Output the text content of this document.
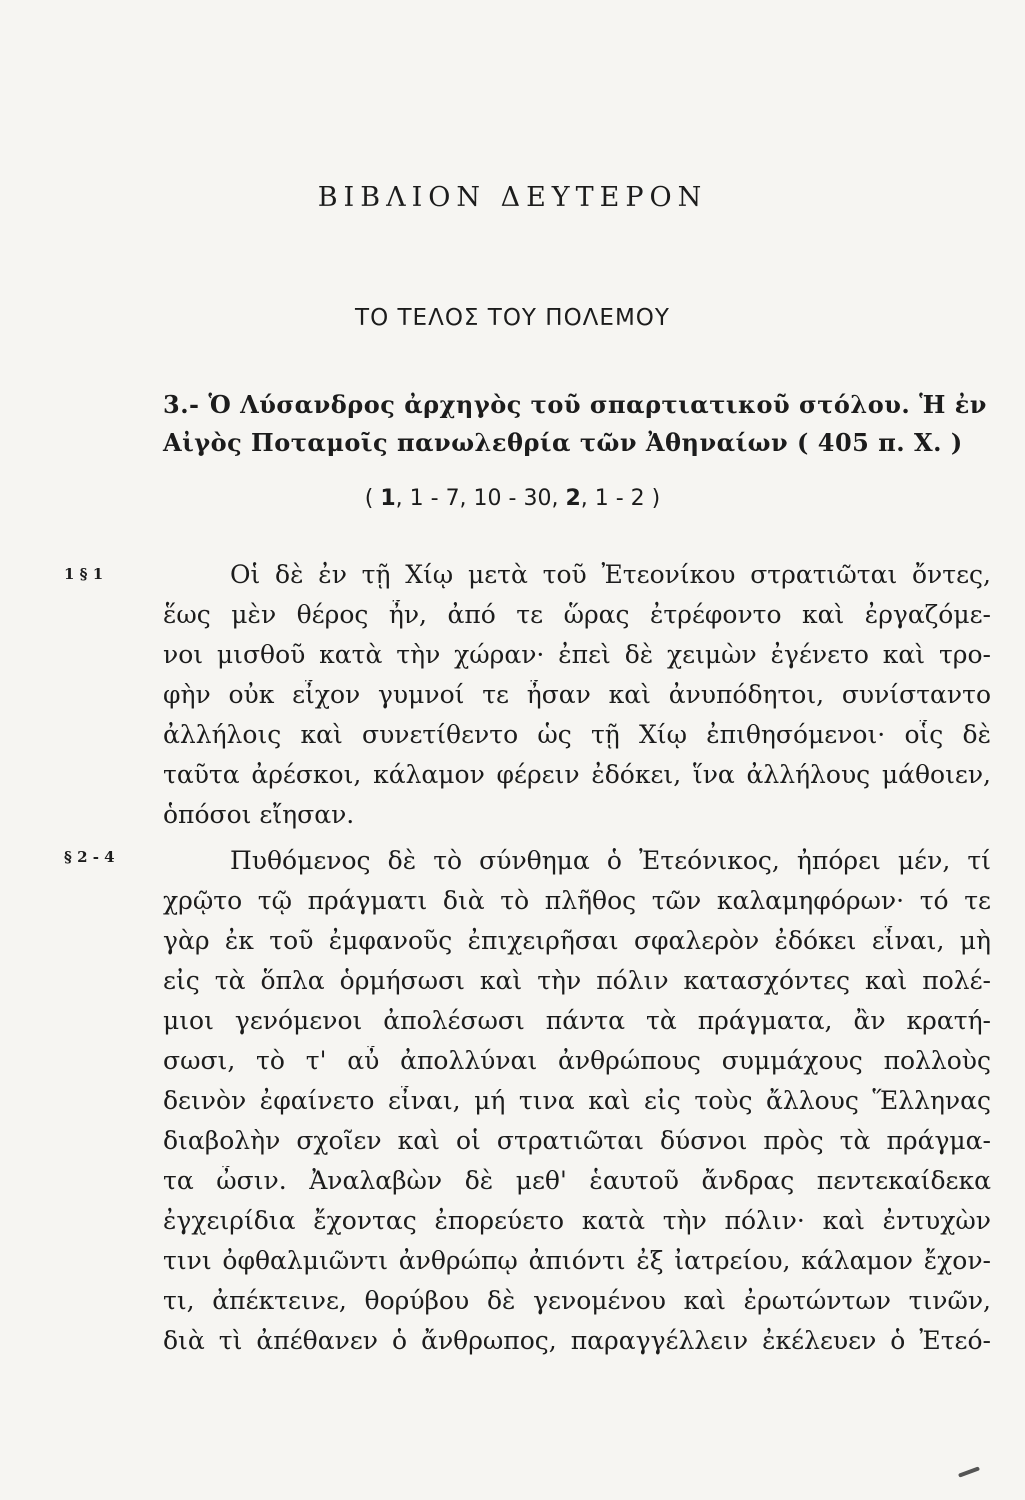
ΒΙΒΛΙΟΝ ΔΕΥΤΕΡΟΝ
ΤΟ ΤΕΛΟΣ ΤΟΥ ΠΟΛΕΜΟΥ
3.- Ὁ Λύσανδρος ἀρχηγὸς τοῦ σπαρτιατικοῦ στόλου. Ἡ ἐν
Αἰγὸς Ποταμοῖς πανωλεθρία τῶν Ἀθηναίων ( 405 π. Χ. )
( 1, 1 - 7, 10 - 30, 2, 1 - 2 )
1 § 1
§ 2 - 4
Οἱ δὲ ἐν τῇ Χίῳ μετὰ τοῦ Ἐτεονίκου στρατιῶται ὄντες,
ἕως μὲν θέρος ἦν, ἀπό τε ὥρας ἐτρέφοντο καὶ ἐργαζόμε-
νοι μισθοῦ κατὰ τὴν χώραν· ἐπεὶ δὲ χειμὼν ἐγένετο καὶ τρο-
φὴν οὐκ εἶχον γυμνοί τε ἦσαν καὶ ἀνυπόδητοι, συνίσταντο
ἀλλήλοις καὶ συνετίθεντο ὡς τῇ Χίῳ ἐπιθησόμενοι· οἷς δὲ
ταῦτα ἀρέσκοι, κάλαμον φέρειν ἐδόκει, ἵνα ἀλλήλους μάθοιεν,
ὁπόσοι εἴησαν.
Πυθόμενος δὲ τὸ σύνθημα ὁ Ἐτεόνικος, ἠπόρει μέν, τί
χρῷτο τῷ πράγματι διὰ τὸ πλῆθος τῶν καλαμηφόρων· τό τε
γὰρ ἐκ τοῦ ἐμφανοῦς ἐπιχειρῆσαι σφαλερὸν ἐδόκει εἶναι, μὴ
εἰς τὰ ὅπλα ὁρμήσωσι καὶ τὴν πόλιν κατασχόντες καὶ πολέ-
μιοι γενόμενοι ἀπολέσωσι πάντα τὰ πράγματα, ἂν κρατή-
σωσι, τὸ τ' αὖ ἀπολλύναι ἀνθρώπους συμμάχους πολλοὺς
δεινὸν ἐφαίνετο εἶναι, μή τινα καὶ εἰς τοὺς ἄλλους Ἕλληνας
διαβολὴν σχοῖεν καὶ οἱ στρατιῶται δύσνοι πρὸς τὰ πράγμα-
τα ὦσιν. Ἀναλαβὼν δὲ μεθ' ἑαυτοῦ ἄνδρας πεντεκαίδεκα
ἐγχειρίδια ἔχοντας ἐπορεύετο κατὰ τὴν πόλιν· καὶ ἐντυχὼν
τινι ὀφθαλμιῶντι ἀνθρώπῳ ἀπιόντι ἐξ ἰατρείου, κάλαμον ἔχον-
τι, ἀπέκτεινε, θορύβου δὲ γενομένου καὶ ἐρωτώντων τινῶν,
διὰ τὶ ἀπέθανεν ὁ ἄνθρωπος, παραγγέλλειν ἐκέλευεν ὁ Ἐτεό-
